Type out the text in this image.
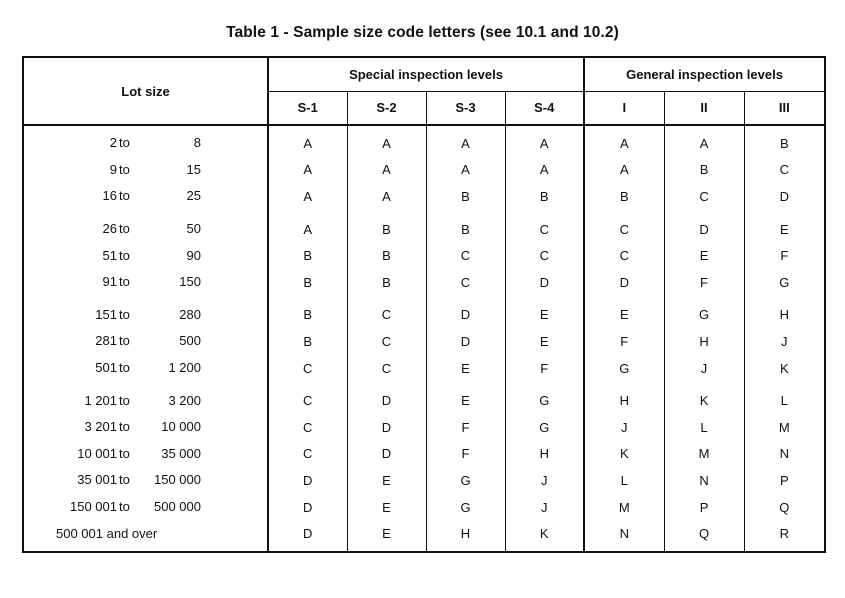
Table 1 - Sample size code letters (see 10.1 and 10.2)
Lot size	Special inspection levels				General inspection levels		
	S-1	S-2	S-3	S-4	I	II	III

2 to 8	A	A	A	A	A	A	B

9 to 15	A	A	A	A	A	B	C

16 to 25	A	A	B	B	B	C	D

26 to 50	A	B	B	C	C	D	E

51 to 90	B	B	C	C	C	E	F

91 to 150	B	B	C	D	D	F	G

151 to 280	B	C	D	E	E	G	H

281 to 500	B	C	D	E	F	H	J

501 to 1 200	C	C	E	F	G	J	K

1 201 to 3 200	C	D	E	G	H	K	L

3 201 to 10 000	C	D	F	G	J	L	M

10 001 to 35 000	C	D	F	H	K	M	N

35 001 to 150 000	D	E	G	J	L	N	P

150 001 to 500 000	D	E	G	J	M	P	Q

500 001 and over	D	E	H	K	N	Q	R
